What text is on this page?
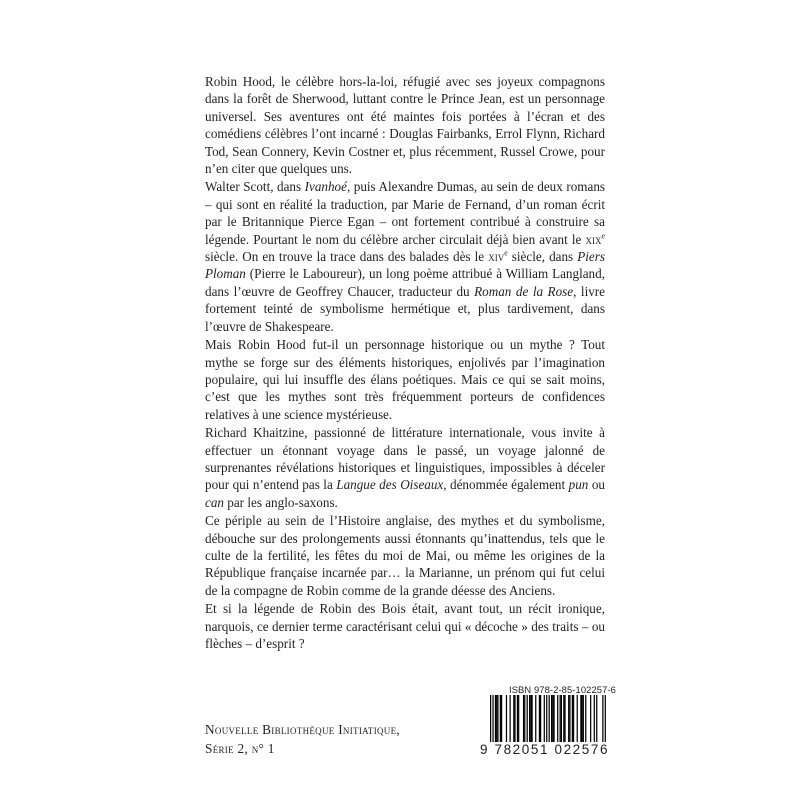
Robin Hood, le célèbre hors-la-loi, réfugié avec ses joyeux compagnons dans la forêt de Sherwood, luttant contre le Prince Jean, est un personnage universel. Ses aventures ont été maintes fois portées à l’écran et des comédiens célèbres l’ont incarné : Douglas Fairbanks, Errol Flynn, Richard Tod, Sean Connery, Kevin Costner et, plus récemment, Russel Crowe, pour n’en citer que quelques uns.

Walter Scott, dans Ivanhoé, puis Alexandre Dumas, au sein de deux romans – qui sont en réalité la traduction, par Marie de Fernand, d’un roman écrit par le Britannique Pierce Egan – ont fortement contribué à construire sa légende. Pourtant le nom du célèbre archer circulait déjà bien avant le xix$^e$ siècle. On en trouve la trace dans des balades dès le xiv$^e$ siècle, dans Piers Ploman (Pierre le Laboureur), un long poème attribué à William Langland, dans l’œuvre de Geoffrey Chaucer, traducteur du Roman de la Rose, livre fortement teinté de symbolisme hermétique et, plus tardivement, dans l’œuvre de Shakespeare.

Mais Robin Hood fut-il un personnage historique ou un mythe ? Tout mythe se forge sur des éléments historiques, enjolivés par l’imagination populaire, qui lui insuffle des élans poétiques. Mais ce qui se sait moins, c’est que les mythes sont très fréquemment porteurs de confidences relatives à une science mystérieuse.

Richard Khaitzine, passionné de littérature internationale, vous invite à effectuer un étonnant voyage dans le passé, un voyage jalonné de surprenantes révélations historiques et linguistiques, impossibles à déceler pour qui n’entend pas la Langue des Oiseaux, dénommée également pun ou can par les anglo-saxons.

Ce périple au sein de l’Histoire anglaise, des mythes et du symbolisme, débouche sur des prolongements aussi étonnants qu’inattendus, tels que le culte de la fertilité, les fêtes du moi de Mai, ou même les origines de la République française incarnée par… la Marianne, un prénom qui fut celui de la compagne de Robin comme de la grande déesse des Anciens.

Et si la légende de Robin des Bois était, avant tout, un récit ironique, narquois, ce dernier terme caractérisant celui qui « décoche » des traits – ou flèches – d’esprit ?

Nouvelle Bibliothèque Initiatique,
Série 2, n° 1
ISBN 978-2-85-102257-6
9 782051 022576
